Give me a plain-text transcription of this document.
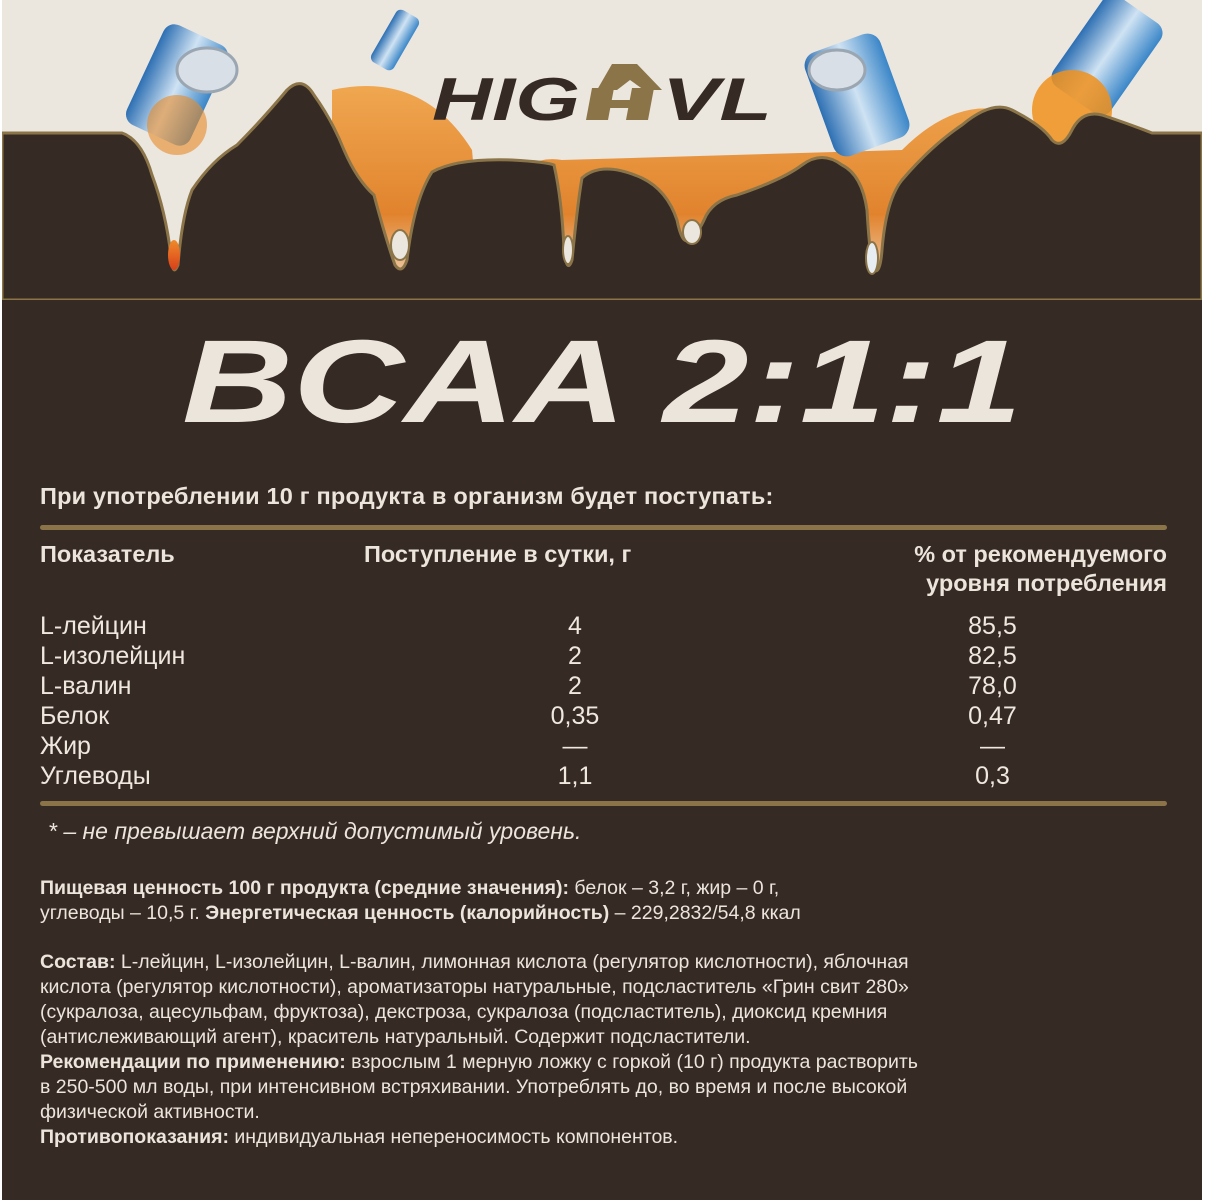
HIG VL
BCAA 2:1:1
При употреблении 10 г продукта в организм будет поступать:
Показатель	Поступление в сутки, г	% от рекомендуемого
уровня потребления
L-лейцин	4	85,5
L-изолейцин	2	82,5
L-валин	2	78,0
Белок	0,35	0,47
Жир	—	—
Углеводы	1,1	0,3
* – не превышает верхний допустимый уровень.
Пищевая ценность 100 г продукта (средние значения): белок – 3,2 г, жир – 0 г,
углеводы – 10,5 г. Энергетическая ценность (калорийность) – 229,2832/54,8 ккал
Состав: L-лейцин, L-изолейцин, L-валин, лимонная кислота (регулятор кислотности), яблочная
кислота (регулятор кислотности), ароматизаторы натуральные, подсластитель «Грин свит 280»
(сукралоза, ацесульфам, фруктоза), декстроза, сукралоза (подсластитель), диоксид кремния
(антислеживающий агент), краситель натуральный. Содержит подсластители.
Рекомендации по применению: взрослым 1 мерную ложку с горкой (10 г) продукта растворить
в 250-500 мл воды, при интенсивном встряхивании. Употреблять до, во время и после высокой
физической активности.
Противопоказания: индивидуальная непереносимость компонентов.
